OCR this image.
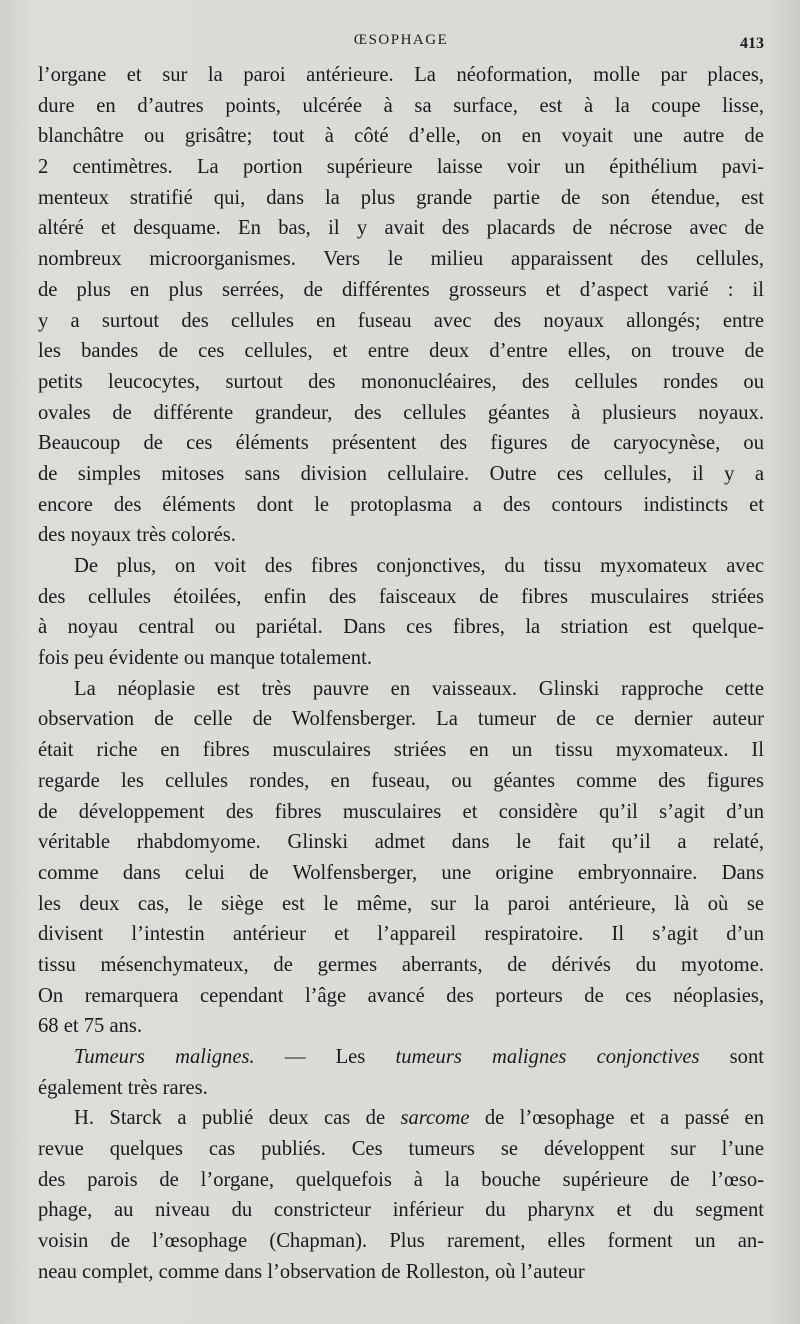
ŒSOPHAGE	413
l’organe et sur la paroi antérieure. La néoformation, molle par places,
dure en d’autres points, ulcérée à sa surface, est à la coupe lisse,
blanchâtre ou grisâtre; tout à côté d’elle, on en voyait une autre de
2 centimètres. La portion supérieure laisse voir un épithélium pavi-
menteux stratifié qui, dans la plus grande partie de son étendue, est
altéré et desquame. En bas, il y avait des placards de nécrose avec de
nombreux microorganismes. Vers le milieu apparaissent des cellules,
de plus en plus serrées, de différentes grosseurs et d’aspect varié : il
y a surtout des cellules en fuseau avec des noyaux allongés; entre
les bandes de ces cellules, et entre deux d’entre elles, on trouve de
petits leucocytes, surtout des mononucléaires, des cellules rondes ou
ovales de différente grandeur, des cellules géantes à plusieurs noyaux.
Beaucoup de ces éléments présentent des figures de caryocynèse, ou
de simples mitoses sans division cellulaire. Outre ces cellules, il y a
encore des éléments dont le protoplasma a des contours indistincts et
des noyaux très colorés.
De plus, on voit des fibres conjonctives, du tissu myxomateux avec
des cellules étoilées, enfin des faisceaux de fibres musculaires striées
à noyau central ou pariétal. Dans ces fibres, la striation est quelque-
fois peu évidente ou manque totalement.
La néoplasie est très pauvre en vaisseaux. Glinski rapproche cette
observation de celle de Wolfensberger. La tumeur de ce dernier auteur
était riche en fibres musculaires striées en un tissu myxomateux. Il
regarde les cellules rondes, en fuseau, ou géantes comme des figures
de développement des fibres musculaires et considère qu’il s’agit d’un
véritable rhabdomyome. Glinski admet dans le fait qu’il a relaté,
comme dans celui de Wolfensberger, une origine embryonnaire. Dans
les deux cas, le siège est le même, sur la paroi antérieure, là où se
divisent l’intestin antérieur et l’appareil respiratoire. Il s’agit d’un
tissu mésenchymateux, de germes aberrants, de dérivés du myotome.
On remarquera cependant l’âge avancé des porteurs de ces néoplasies,
68 et 75 ans.
Tumeurs malignes. — Les tumeurs malignes conjonctives sont
également très rares.
H. Starck a publié deux cas de sarcome de l’œsophage et a passé en
revue quelques cas publiés. Ces tumeurs se développent sur l’une
des parois de l’organe, quelquefois à la bouche supérieure de l’œso-
phage, au niveau du constricteur inférieur du pharynx et du segment
voisin de l’œsophage (Chapman). Plus rarement, elles forment un an-
neau complet, comme dans l’observation de Rolleston, où l’auteur
